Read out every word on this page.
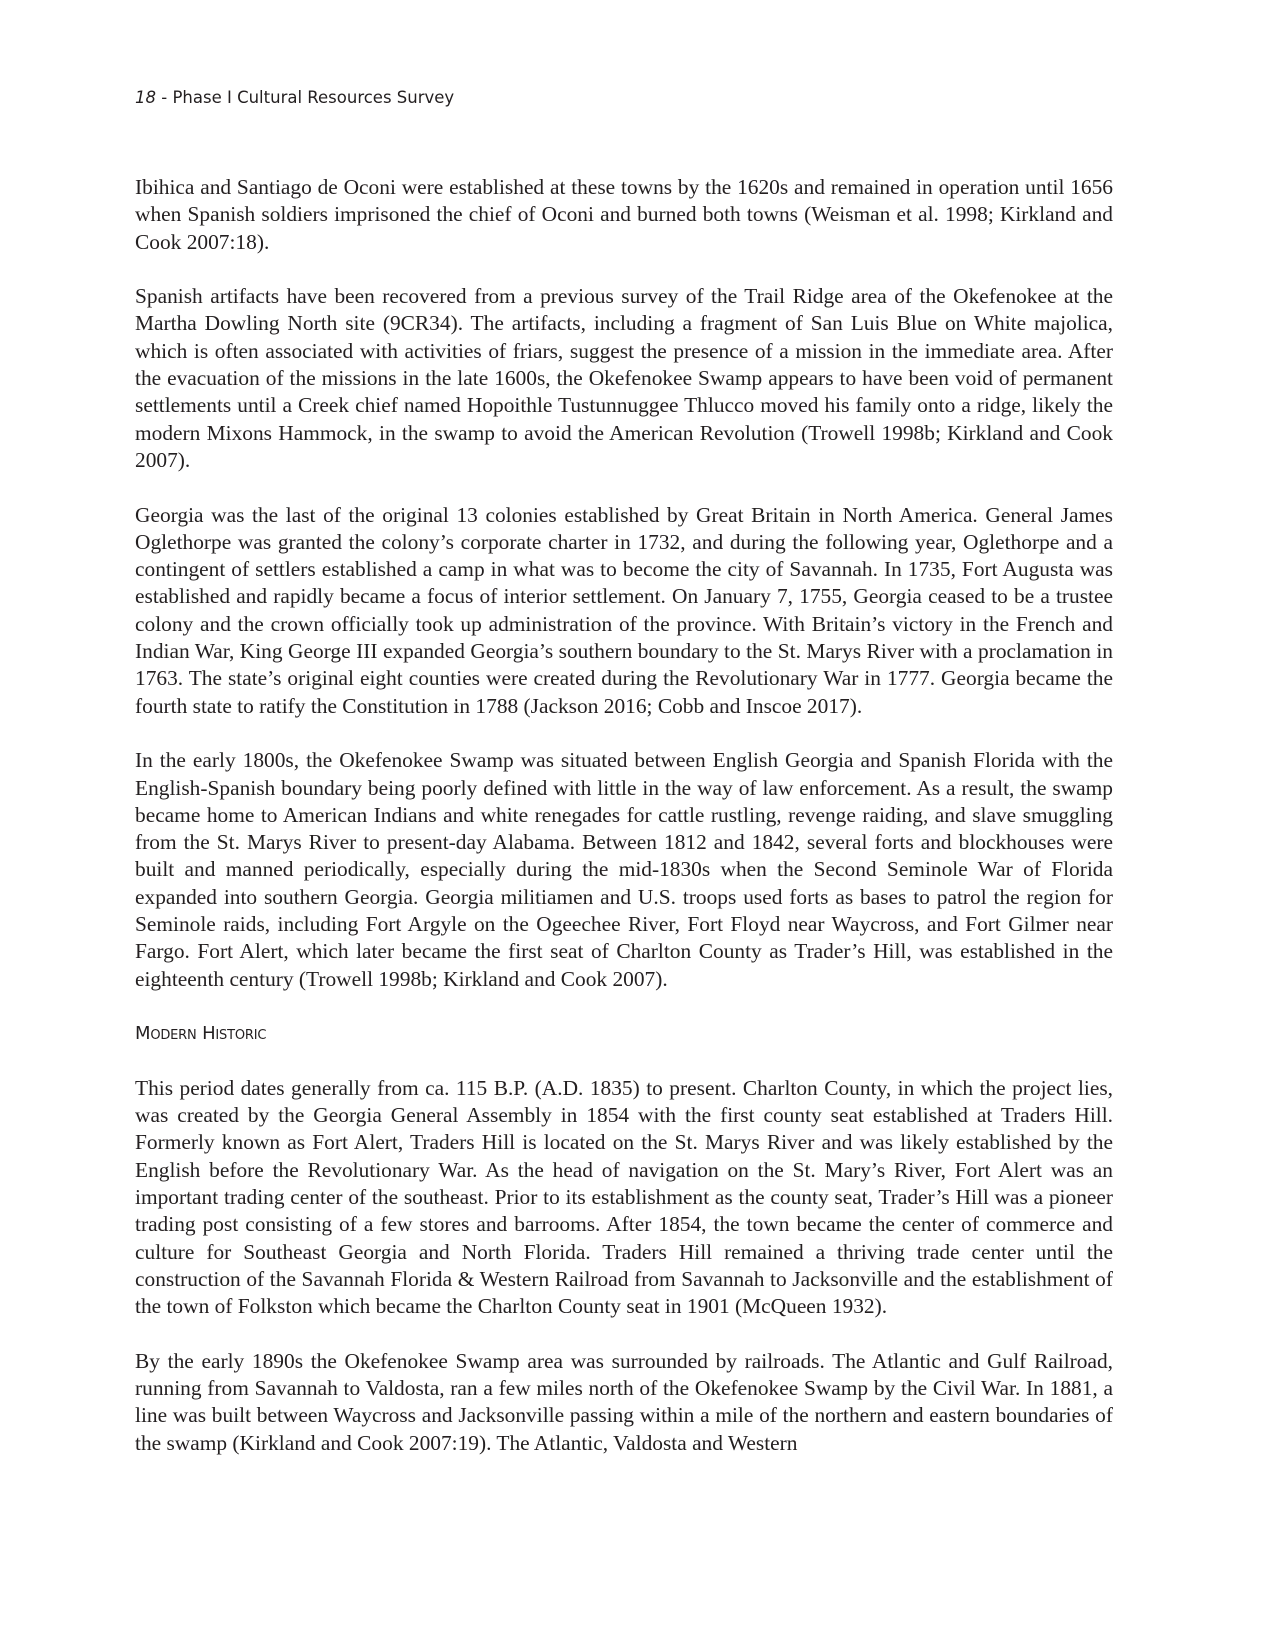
18 - Phase I Cultural Resources Survey

Ibihica and Santiago de Oconi were established at these towns by the 1620s and remained in operation until 1656 when Spanish soldiers imprisoned the chief of Oconi and burned both towns (Weisman et al. 1998; Kirkland and Cook 2007:18).

Spanish artifacts have been recovered from a previous survey of the Trail Ridge area of the Okefenokee at the Martha Dowling North site (9CR34). The artifacts, including a fragment of San Luis Blue on White majolica, which is often associated with activities of friars, suggest the presence of a mission in the immediate area. After the evacuation of the missions in the late 1600s, the Okefenokee Swamp appears to have been void of permanent settlements until a Creek chief named Hopoithle Tustunnuggee Thlucco moved his family onto a ridge, likely the modern Mixons Hammock, in the swamp to avoid the American Revolution (Trowell 1998b; Kirkland and Cook 2007).

Georgia was the last of the original 13 colonies established by Great Britain in North America. General James Oglethorpe was granted the colony’s corporate charter in 1732, and during the following year, Oglethorpe and a contingent of settlers established a camp in what was to become the city of Savannah. In 1735, Fort Augusta was established and rapidly became a focus of interior settlement. On January 7, 1755, Georgia ceased to be a trustee colony and the crown officially took up administration of the province. With Britain’s victory in the French and Indian War, King George III expanded Georgia’s southern boundary to the St. Marys River with a proclamation in 1763. The state’s original eight counties were created during the Revolutionary War in 1777. Georgia became the fourth state to ratify the Constitution in 1788 (Jackson 2016; Cobb and Inscoe 2017).

In the early 1800s, the Okefenokee Swamp was situated between English Georgia and Spanish Florida with the English-Spanish boundary being poorly defined with little in the way of law enforcement. As a result, the swamp became home to American Indians and white renegades for cattle rustling, revenge raiding, and slave smuggling from the St. Marys River to present-day Alabama. Between 1812 and 1842, several forts and blockhouses were built and manned periodically, especially during the mid-1830s when the Second Seminole War of Florida expanded into southern Georgia. Georgia militiamen and U.S. troops used forts as bases to patrol the region for Seminole raids, including Fort Argyle on the Ogeechee River, Fort Floyd near Waycross, and Fort Gilmer near Fargo. Fort Alert, which later became the first seat of Charlton County as Trader’s Hill, was established in the eighteenth century (Trowell 1998b; Kirkland and Cook 2007).

Modern Historic

This period dates generally from ca. 115 B.P. (A.D. 1835) to present. Charlton County, in which the project lies, was created by the Georgia General Assembly in 1854 with the first county seat established at Traders Hill. Formerly known as Fort Alert, Traders Hill is located on the St. Marys River and was likely established by the English before the Revolutionary War. As the head of navigation on the St. Mary’s River, Fort Alert was an important trading center of the southeast. Prior to its establishment as the county seat, Trader’s Hill was a pioneer trading post consisting of a few stores and barrooms. After 1854, the town became the center of commerce and culture for Southeast Georgia and North Florida. Traders Hill remained a thriving trade center until the construction of the Savannah Florida & Western Railroad from Savannah to Jacksonville and the establishment of the town of Folkston which became the Charlton County seat in 1901 (McQueen 1932).

By the early 1890s the Okefenokee Swamp area was surrounded by railroads. The Atlantic and Gulf Railroad, running from Savannah to Valdosta, ran a few miles north of the Okefenokee Swamp by the Civil War. In 1881, a line was built between Waycross and Jacksonville passing within a mile of the northern and eastern boundaries of the swamp (Kirkland and Cook 2007:19). The Atlantic, Valdosta and Western
